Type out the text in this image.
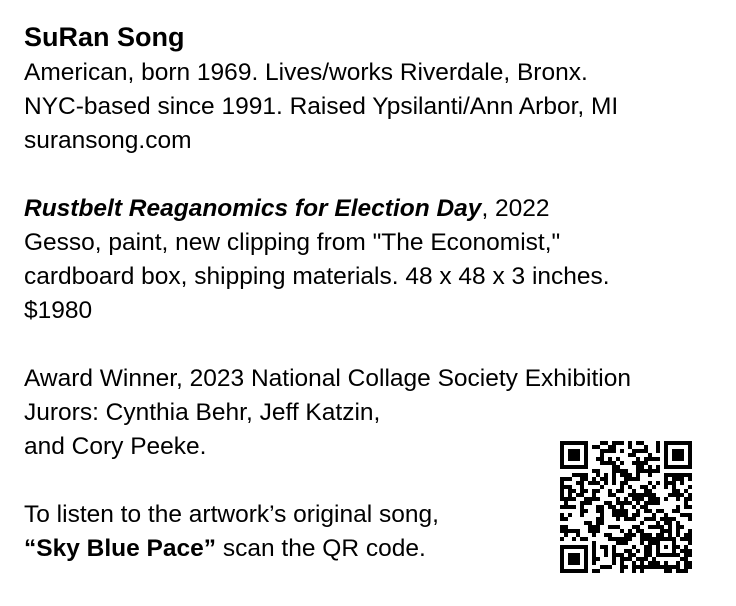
SuRan Song
American, born 1969. Lives/works Riverdale, Bronx.
NYC-based since 1991. Raised Ypsilanti/Ann Arbor, MI
suransong.com
Rustbelt Reaganomics for Election Day, 2022
Gesso, paint, new clipping from "The Economist,"
cardboard box, shipping materials. 48 x 48 x 3 inches.
$1980
Award Winner, 2023 National Collage Society Exhibition
Jurors: Cynthia Behr, Jeff Katzin,
and Cory Peeke.
To listen to the artwork’s original song,
“Sky Blue Pace” scan the QR code.
